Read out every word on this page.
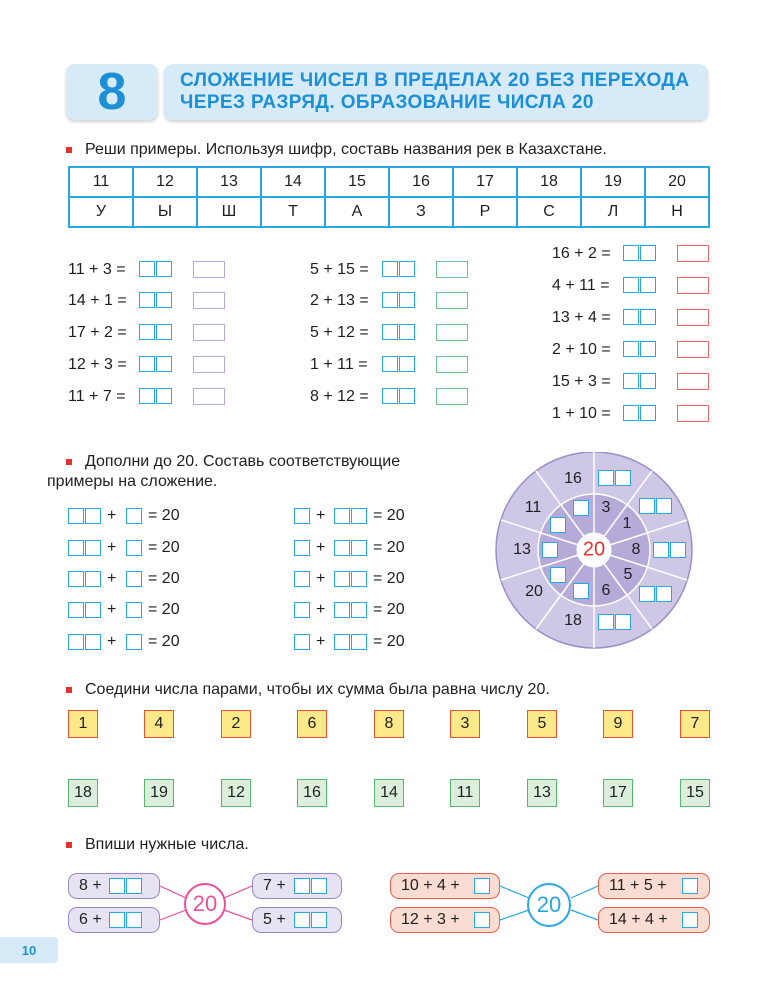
8	СЛОЖЕНИЕ ЧИСЕЛ В ПРЕДЕЛАХ 20 БЕЗ ПЕРЕХОДА
ЧЕРЕЗ РАЗРЯД. ОБРАЗОВАНИЕ ЧИСЛА 20
Реши примеры. Используя шифр, составь названия рек в Казахстане.
11	12	13	14	15	16	17	18	19	20
У	Ы	Ш	Т	А	З	Р	С	Л	Н
11 + 3 =
14 + 1 =
17 + 2 =
12 + 3 =
11 + 7 =
5 + 15 =
2 + 13 =
5 + 12 =
1 + 11 =
8 + 12 =
16 + 2 =
4 + 11 =
13 + 4 =
2 + 10 =
15 + 3 =
1 + 10 =
Дополни до 20. Составь соответствующие
примеры на сложение.
+ = 20
+ = 20
+ = 20
+ = 20
+ = 20
+	= 20
+	= 20
+	= 20
+	= 20
+	= 20
20
16
11
13
20
18
3
1
8
5
6
Соедини числа парами, чтобы их сумма была равна числу 20.
1	4	2	6	8	3	5	9	7
18	19	12	16	14	11	13	17	15
Впиши нужные числа.
8 +
6 +
20
7 +
5 +
10 + 4 +
12 + 3 +
20
11 + 5 +
14 + 4 +
10
